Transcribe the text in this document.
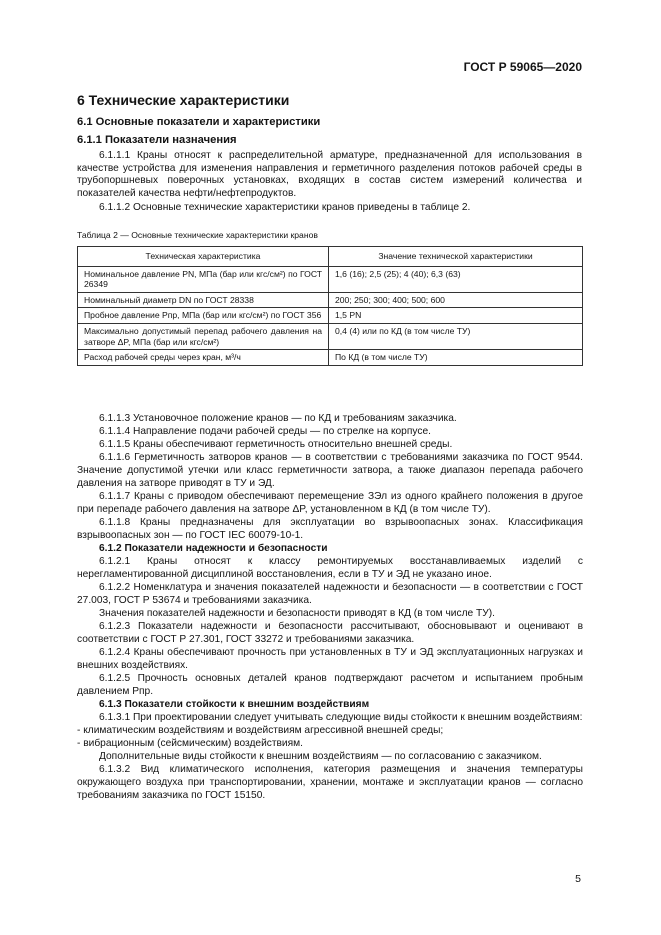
ГОСТ Р 59065—2020
6 Технические характеристики
6.1 Основные показатели и характеристики
6.1.1 Показатели назначения
6.1.1.1 Краны относят к распределительной арматуре, предназначенной для использования в качестве устройства для изменения направления и герметичного разделения потоков рабочей среды в трубопоршневых поверочных установках, входящих в состав систем измерений количества и показателей качества нефти/нефтепродуктов.
6.1.1.2 Основные технические характеристики кранов приведены в таблице 2.
Таблица 2 — Основные технические характеристики кранов
Техническая характеристика	Значение технической характеристики
Номинальное давление PN, МПа (бар или кгс/см²) по ГОСТ 26349	1,6 (16); 2,5 (25); 4 (40); 6,3 (63)
Номинальный диаметр DN по ГОСТ 28338	200; 250; 300; 400; 500; 600
Пробное давление Pпр, МПа (бар или кгс/см²) по ГОСТ 356	1,5 PN
Максимально допустимый перепад рабочего давления на затворе ΔP, МПа (бар или кгс/см²)	0,4 (4) или по КД (в том числе ТУ)
Расход рабочей среды через кран, м³/ч	По КД (в том числе ТУ)

6.1.1.3 Установочное положение кранов — по КД и требованиям заказчика.

6.1.1.4 Направление подачи рабочей среды — по стрелке на корпусе.

6.1.1.5 Краны обеспечивают герметичность относительно внешней среды.

6.1.1.6 Герметичность затворов кранов — в соответствии с требованиями заказчика по ГОСТ 9544. Значение допустимой утечки или класс герметичности затвора, а также диапазон перепада рабочего давления на затворе приводят в ТУ и ЭД.

6.1.1.7 Краны с приводом обеспечивают перемещение ЗЭл из одного крайнего положения в другое при перепаде рабочего давления на затворе ΔP, установленном в КД (в том числе ТУ).

6.1.1.8 Краны предназначены для эксплуатации во взрывоопасных зонах. Классификация взрывоопасных зон — по ГОСТ IEC 60079-10-1.

6.1.2 Показатели надежности и безопасности

6.1.2.1 Краны относят к классу ремонтируемых восстанавливаемых изделий с нерегламентированной дисциплиной восстановления, если в ТУ и ЭД не указано иное.

6.1.2.2 Номенклатура и значения показателей надежности и безопасности — в соответствии с ГОСТ 27.003, ГОСТ Р 53674 и требованиями заказчика.

Значения показателей надежности и безопасности приводят в КД (в том числе ТУ).

6.1.2.3 Показатели надежности и безопасности рассчитывают, обосновывают и оценивают в соответствии с ГОСТ Р 27.301, ГОСТ 33272 и требованиями заказчика.

6.1.2.4 Краны обеспечивают прочность при установленных в ТУ и ЭД эксплуатационных нагрузках и внешних воздействиях.

6.1.2.5 Прочность основных деталей кранов подтверждают расчетом и испытанием пробным давлением Pпр.

6.1.3 Показатели стойкости к внешним воздействиям

6.1.3.1 При проектировании следует учитывать следующие виды стойкости к внешним воздействиям:

- климатическим воздействиям и воздействиям агрессивной внешней среды;

- вибрационным (сейсмическим) воздействиям.

Дополнительные виды стойкости к внешним воздействиям — по согласованию с заказчиком.

6.1.3.2 Вид климатического исполнения, категория размещения и значения температуры окружающего воздуха при транспортировании, хранении, монтаже и эксплуатации кранов — согласно требованиям заказчика по ГОСТ 15150.

5
